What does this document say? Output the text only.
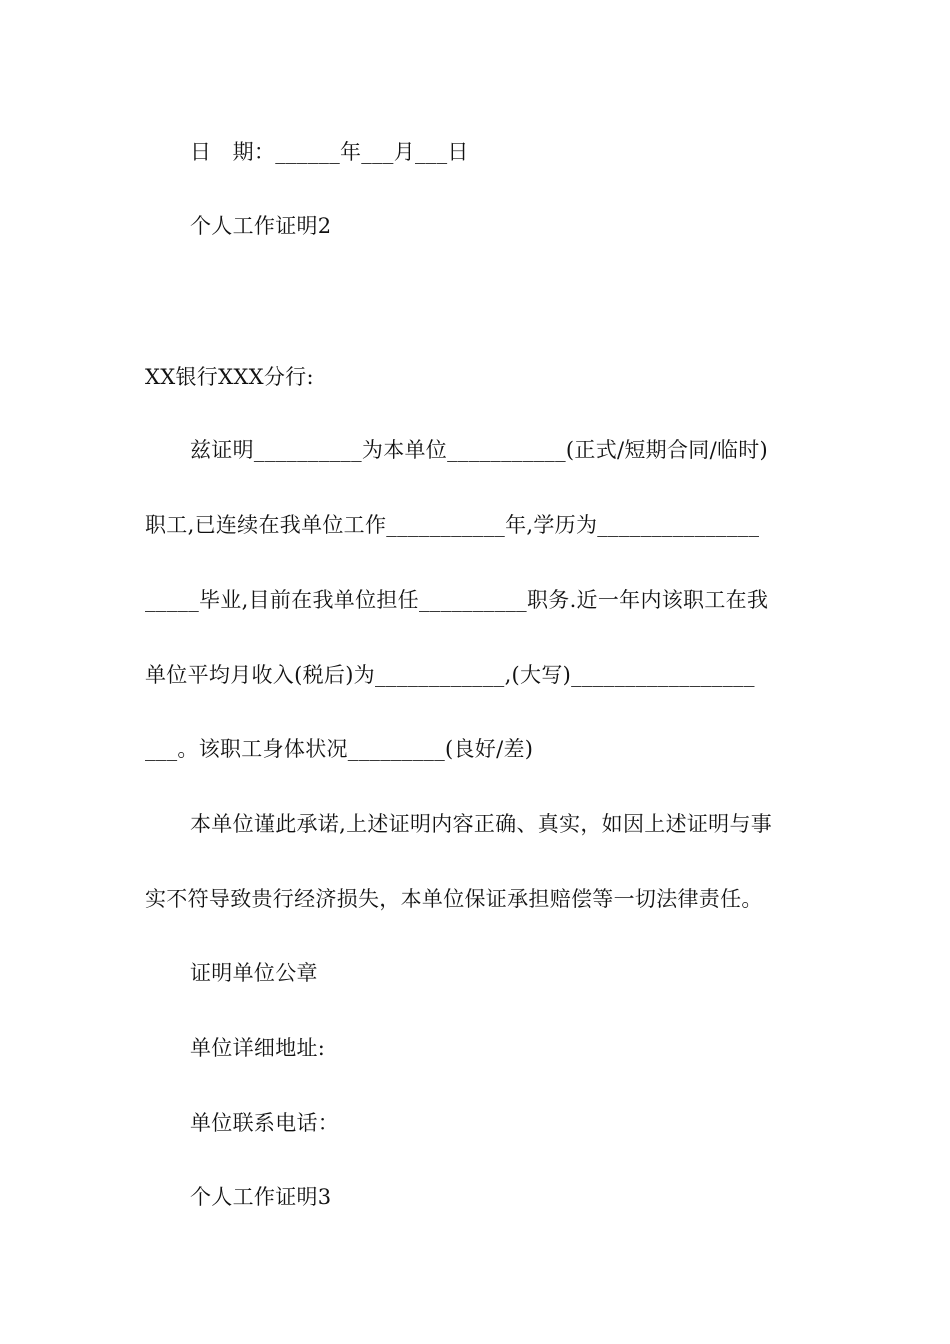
日　期：______年___月___日
个人工作证明2
XX银行XXX分行:
兹证明__________为本单位___________(正式/短期合同/临时)
职工,已连续在我单位工作___________年,学历为_______________
_____毕业,目前在我单位担任__________职务.近一年内该职工在我
单位平均月收入(税后)为____________,(大写)_________________
___。该职工身体状况_________(良好/差)
本单位谨此承诺,上述证明内容正确、真实，如因上述证明与事
实不符导致贵行经济损失，本单位保证承担赔偿等一切法律责任。
证明单位公章
单位详细地址:
单位联系电话：
个人工作证明3
